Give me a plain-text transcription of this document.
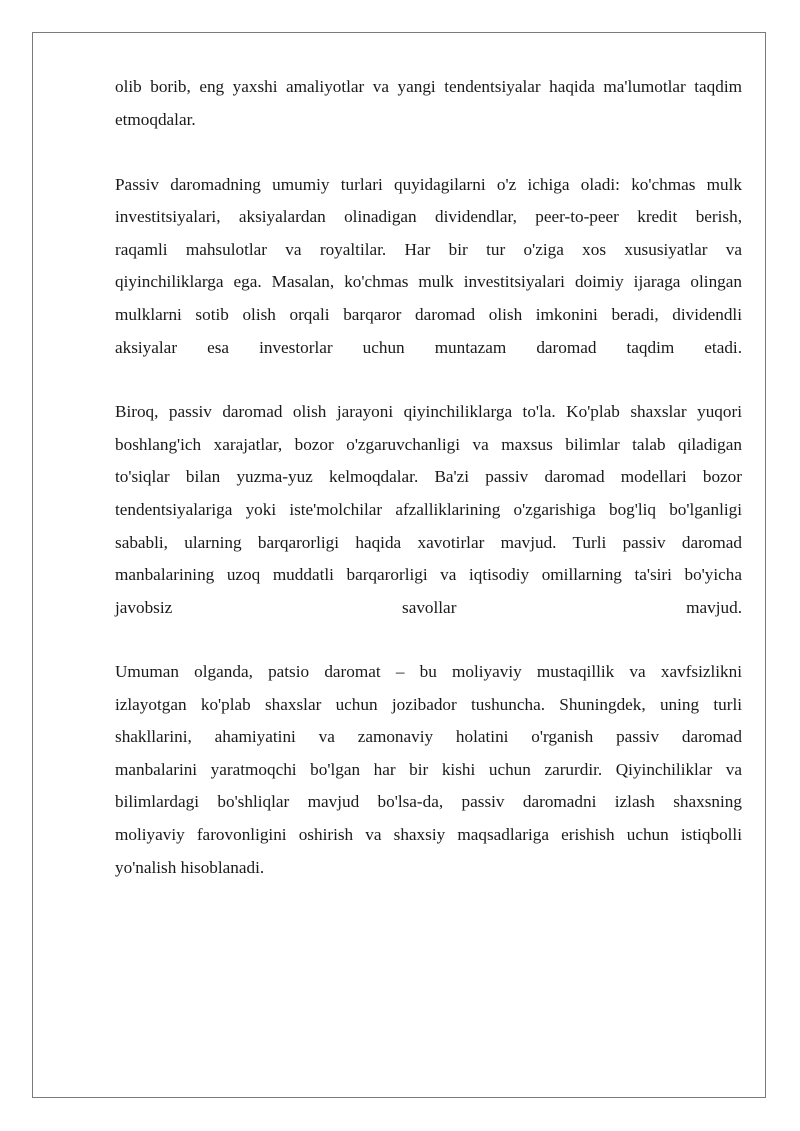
olib borib, eng yaxshi amaliyotlar va yangi tendentsiyalar haqida ma'lumotlar taqdim
etmoqdalar.
Passiv daromadning umumiy turlari quyidagilarni o'z ichiga oladi: ko'chmas mulk
investitsiyalari, aksiyalardan olinadigan dividendlar, peer-to-peer kredit berish,
raqamli mahsulotlar va royaltilar. Har bir tur o'ziga xos xususiyatlar va
qiyinchiliklarga ega. Masalan, ko'chmas mulk investitsiyalari doimiy ijaraga olingan
mulklarni sotib olish orqali barqaror daromad olish imkonini beradi, dividendli
aksiyalar esa investorlar uchun muntazam daromad taqdim etadi.
Biroq, passiv daromad olish jarayoni qiyinchiliklarga to'la. Ko'plab shaxslar yuqori
boshlang'ich xarajatlar, bozor o'zgaruvchanligi va maxsus bilimlar talab qiladigan
to'siqlar bilan yuzma-yuz kelmoqdalar. Ba'zi passiv daromad modellari bozor
tendentsiyalariga yoki iste'molchilar afzalliklarining o'zgarishiga bog'liq bo'lganligi
sababli, ularning barqarorligi haqida xavotirlar mavjud. Turli passiv daromad
manbalarining uzoq muddatli barqarorligi va iqtisodiy omillarning ta'siri bo'yicha
javobsiz savollar mavjud.
Umuman olganda, patsio daromat – bu moliyaviy mustaqillik va xavfsizlikni
izlayotgan ko'plab shaxslar uchun jozibador tushuncha. Shuningdek, uning turli
shakllarini, ahamiyatini va zamonaviy holatini o'rganish passiv daromad
manbalarini yaratmoqchi bo'lgan har bir kishi uchun zarurdir. Qiyinchiliklar va
bilimlardagi bo'shliqlar mavjud bo'lsa-da, passiv daromadni izlash shaxsning
moliyaviy farovonligini oshirish va shaxsiy maqsadlariga erishish uchun istiqbolli
yo'nalish hisoblanadi.
